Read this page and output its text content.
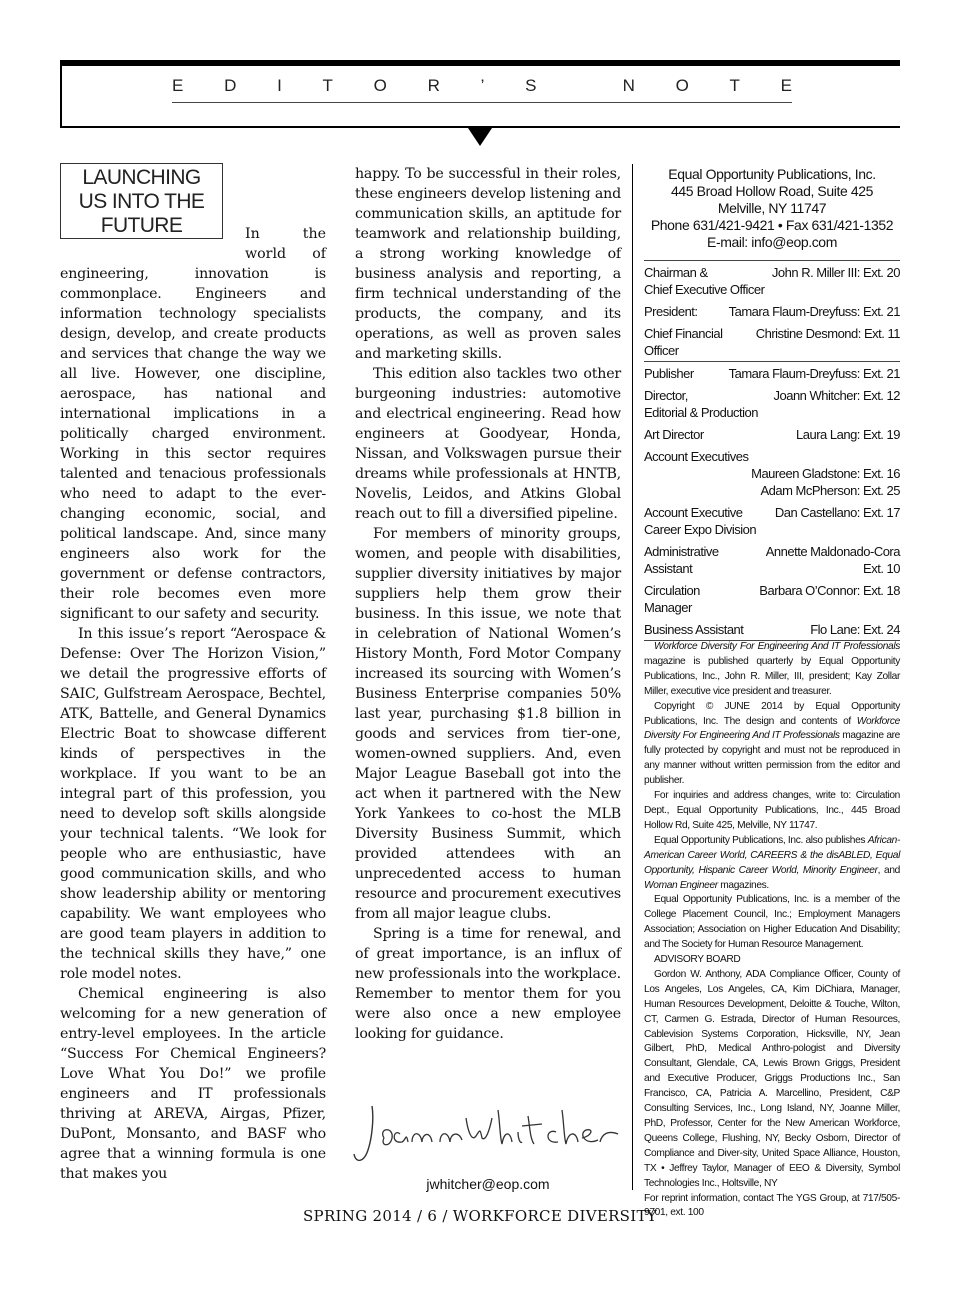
E D I T O R ’ S
	N O T E
LAUNCHING
US INTO THE
FUTURE	In	the
world of

engineering, innovation is commonplace. Engineers and information technology specialists design, develop, and create products and services that change the way we all live. However, one discipline, aerospace, has national and international implications in a politically charged environment. Working in this sector requires talented and tenacious professionals who need to adapt to the ever-changing economic, social, and political landscape. And, since many engineers also work for the government or defense contractors, their role becomes even more significant to our safety and security.

In this issue’s report “Aerospace & Defense: Over The Horizon Vision,” we detail the progressive efforts of SAIC, Gulfstream Aerospace, Bechtel, ATK, Battelle, and General Dynamics Electric Boat to showcase different kinds of perspectives in the workplace. If you want to be an integral part of this profession, you need to develop soft skills alongside your technical talents. “We look for people who are enthusiastic, have good communication skills, and who show leadership ability or mentoring capability. We want employees who are good team players in addition to the technical skills they have,” one role model notes.

Chemical engineering is also welcoming for a new generation of entry-level employees. In the article “Success For Chemical Engineers? Love What You Do!” we profile engineers and IT professionals thriving at AREVA, Airgas, Pfizer, DuPont, Monsanto, and BASF who agree that a winning formula is one that makes you

happy. To be successful in their roles, these engineers develop listening and communication skills, an aptitude for teamwork and relationship building, a strong working knowledge of business analysis and reporting, a firm technical understanding of the products, the company, and its operations, as well as proven sales and marketing skills.

This edition also tackles two other burgeoning industries: automotive and electrical engineering. Read how engineers at Goodyear, Honda, Nissan, and Volkswagen pursue their dreams while professionals at HNTB, Novelis, Leidos, and Atkins Global reach out to fill a diversified pipeline.

For members of minority groups, women, and people with disabilities, supplier diversity initiatives by major suppliers help them grow their business. In this issue, we note that in celebration of National Women’s History Month, Ford Motor Company increased its sourcing with Women’s Business Enterprise companies 50% last year, purchasing $1.8 billion in goods and services from tier-one, women-owned suppliers. And, even Major League Baseball got into the act when it partnered with the New York Yankees to co-host the MLB Diversity Business Summit, which provided attendees with an unprecedented access to human resource and procurement executives from all major league clubs.

Spring is a time for renewal, and of great importance, is an influx of new professionals into the workplace. Remember to mentor them for you were also once a new employee looking for guidance.

jwhitcher@eop.com
Equal Opportunity Publications, Inc.
445 Broad Hollow Road, Suite 425
Melville, NY 11747
Phone 631/421-9421 • Fax 631/421-1352
E-mail: info@eop.com
Chairman &	John R. Miller III: Ext. 20
Chief Executive Officer
President: Tamara Flaum-Dreyfuss: Ext. 21
Chief Financial	Christine Desmond: Ext. 11
Officer
Publisher	Tamara Flaum-Dreyfuss: Ext. 21
Director,	Joann Whitcher: Ext. 12
Editorial & Production
Art Director	Laura Lang: Ext. 19
Account Executives
Maureen Gladstone: Ext. 16
Adam McPherson: Ext. 25
Account Executive Dan Castellano: Ext. 17
Career Expo Division
Administrative	Annette Maldonado-Cora
Assistant	Ext. 10
Circulation	Barbara O’Connor: Ext. 18
Manager
Business Assistant	Flo Lane: Ext. 24

Workforce Diversity For Engineering And IT Professionals magazine is published quarterly by Equal Opportunity Publications, Inc., John R. Miller, III, president; Kay Zollar Miller, executive vice president and treasurer.

Copyright © JUNE 2014 by Equal Opportunity Publications, Inc. The design and contents of Workforce Diversity For Engineering And IT Professionals magazine are fully protected by copyright and must not be reproduced in any manner without written permission from the editor and publisher.

For inquiries and address changes, write to: Circulation Dept., Equal Opportunity Publications, Inc., 445 Broad Hollow Rd, Suite 425, Melville, NY 11747.

Equal Opportunity Publications, Inc. also publishes African-American Career World, CAREERS & the disABLED, Equal Opportunity, Hispanic Career World, Minority Engineer, and Woman Engineer magazines.

Equal Opportunity Publications, Inc. is a member of the College Placement Council, Inc.; Employment Managers Association; Association on Higher Education And Disability; and The Society for Human Resource Management.

ADVISORY BOARD

Gordon W. Anthony, ADA Compliance Officer, County of Los Angeles, Los Angeles, CA, Kim DiChiara, Manager, Human Resources Development, Deloitte & Touche, Wilton, CT, Carmen G. Estrada, Director of Human Resources, Cablevision Systems Corporation, Hicksville, NY, Jean Gilbert, PhD, Medical Anthro-pologist and Diversity Consultant, Glendale, CA, Lewis Brown Griggs, President and Executive Producer, Griggs Productions Inc., San Francisco, CA, Patricia A. Marcellino, President, C&P Consulting Services, Inc., Long Island, NY, Joanne Miller, PhD, Professor, Center for the New American Workforce, Queens College, Flushing, NY, Becky Osborn, Director of Compliance and Diver-sity, United Space Alliance, Houston, TX • Jeffrey Taylor, Manager of EEO & Diversity, Symbol Technologies Inc., Holtsville, NY

For reprint information, contact The YGS Group, at 717/505-9701, ext. 100

SPRING 2014 / 6 / WORKFORCE DIVERSITY
